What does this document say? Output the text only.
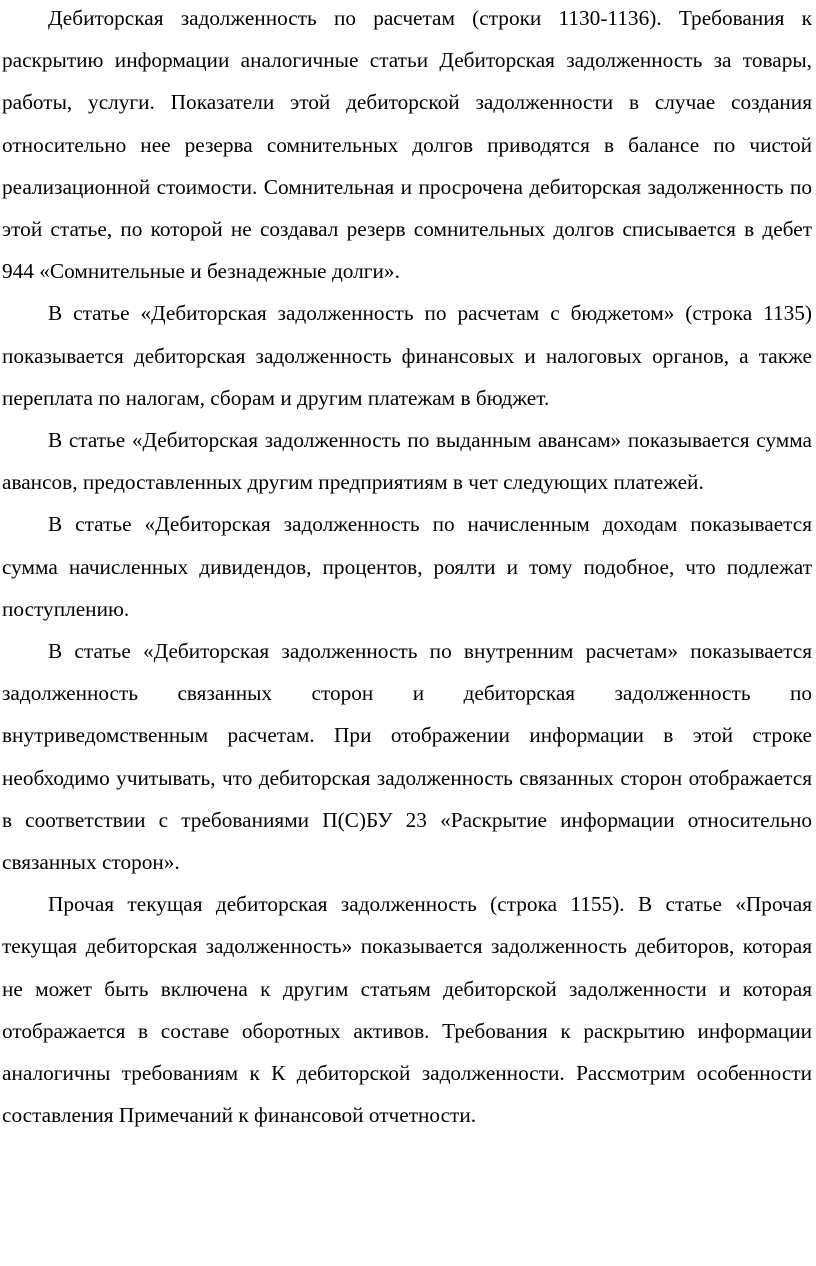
Дебиторская задолженность по расчетам (строки 1130-1136). Требования к раскрытию информации аналогичные статьи Дебиторская задолженность за товары, работы, услуги. Показатели этой дебиторской задолженности в случае создания относительно нее резерва сомнительных долгов приводятся в балансе по чистой реализационной стоимости. Сомнительная и просрочена дебиторская задолженность по этой статье, по которой не создавал резерв сомнительных долгов списывается в дебет 944 «Сомнительные и безнадежные долги».

В статье «Дебиторская задолженность по расчетам с бюджетом» (строка 1135) показывается дебиторская задолженность финансовых и налоговых органов, а также переплата по налогам, сборам и другим платежам в бюджет.

В статье «Дебиторская задолженность по выданным авансам» показывается сумма авансов, предоставленных другим предприятиям в чет следующих платежей.

В статье «Дебиторская задолженность по начисленным доходам показывается сумма начисленных дивидендов, процентов, роялти и тому подобное, что подлежат поступлению.

В статье «Дебиторская задолженность по внутренним расчетам» показывается задолженность связанных сторон и дебиторская задолженность по внутриведомственным расчетам. При отображении информации в этой строке необходимо учитывать, что дебиторская задолженность связанных сторон отображается в соответствии с требованиями П(С)БУ 23 «Раскрытие информации относительно связанных сторон».

Прочая текущая дебиторская задолженность (строка 1155). В статье «Прочая текущая дебиторская задолженность» показывается задолженность дебиторов, которая не может быть включена к другим статьям дебиторской задолженности и которая отображается в составе оборотных активов. Требования к раскрытию информации аналогичны требованиям к К дебиторской задолженности. Рассмотрим особенности составления Примечаний к финансовой отчетности.
